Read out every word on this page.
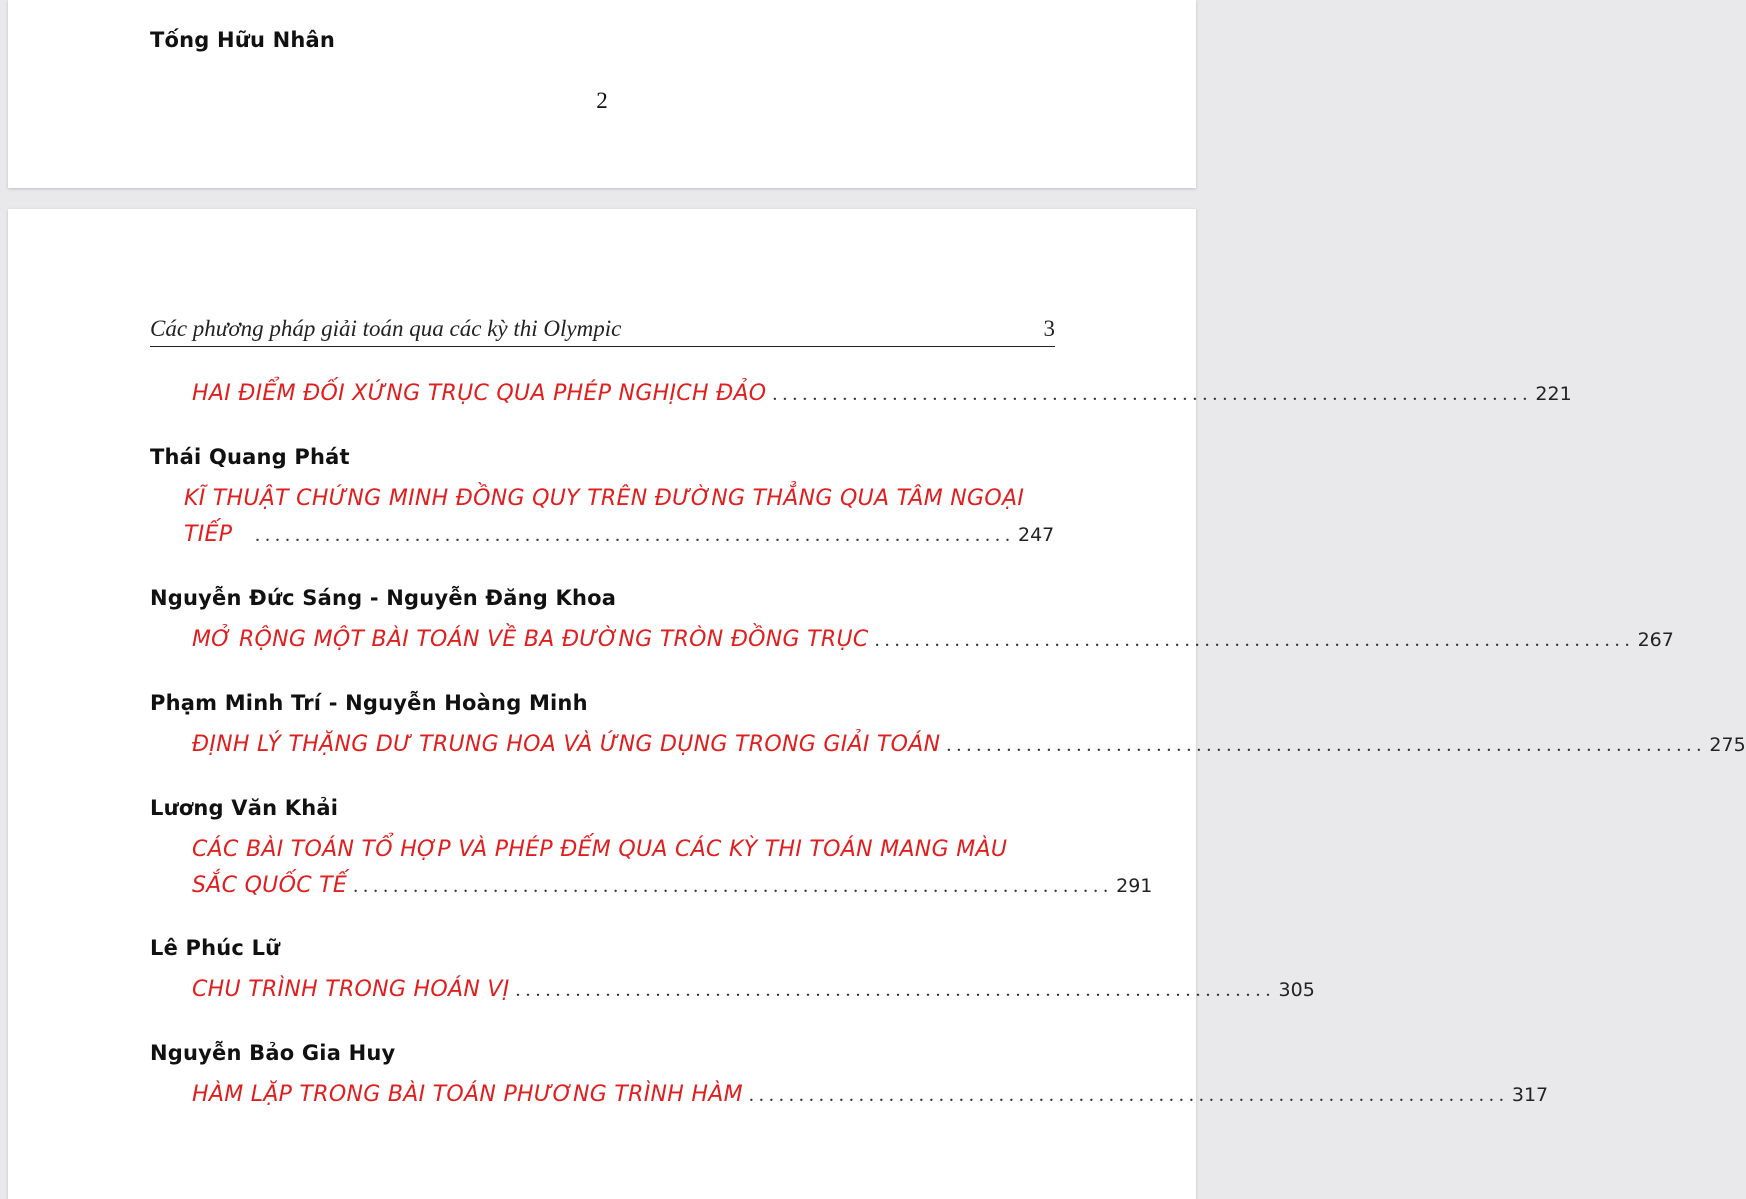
Tống Hữu Nhân
2
Các phương pháp giải toán qua các kỳ thi Olympic	3
HAI ĐIỂM ĐỐI XỨNG TRỤC QUA PHÉP NGHỊCH ĐẢO . . . . . . . . . . . . . . . . . . . . . . . . . . . . . . . . . . . . . . . . . . . . . . . . . . . . . . . . . . . . . . . . . . . . . . . . . . . . 221
Thái Quang Phát
KĨ THUẬT CHỨNG MINH ĐỒNG QUY TRÊN ĐƯỜNG THẲNG QUA TÂM NGOẠI
TIẾP	. . . . . . . . . . . . . . . . . . . . . . . . . . . . . . . . . . . . . . . . . . . . . . . . . . . . . . . . . . . . . . . . . . . . . . . . . . . . 247
Nguyễn Đức Sáng - Nguyễn Đăng Khoa
MỞ RỘNG MỘT BÀI TOÁN VỀ BA ĐƯỜNG TRÒN ĐỒNG TRỤC . . . . . . . . . . . . . . . . . . . . . . . . . . . . . . . . . . . . . . . . . . . . . . . . . . . . . . . . . . . . . . . . . . . . . . . . . . . . 267
Phạm Minh Trí - Nguyễn Hoàng Minh
ĐỊNH LÝ THẶNG DƯ TRUNG HOA VÀ ỨNG DỤNG TRONG GIẢI TOÁN . . . . . . . . . . . . . . . . . . . . . . . . . . . . . . . . . . . . . . . . . . . . . . . . . . . . . . . . . . . . . . . . . . . . . . . . . . . . 275
Lương Văn Khải
CÁC BÀI TOÁN TỔ HỢP VÀ PHÉP ĐẾM QUA CÁC KỲ THI TOÁN MANG MÀU
SẮC QUỐC TẾ . . . . . . . . . . . . . . . . . . . . . . . . . . . . . . . . . . . . . . . . . . . . . . . . . . . . . . . . . . . . . . . . . . . . . . . . . . . . 291
Lê Phúc Lữ
CHU TRÌNH TRONG HOÁN VỊ . . . . . . . . . . . . . . . . . . . . . . . . . . . . . . . . . . . . . . . . . . . . . . . . . . . . . . . . . . . . . . . . . . . . . . . . . . . . 305
Nguyễn Bảo Gia Huy
HÀM LẶP TRONG BÀI TOÁN PHƯƠNG TRÌNH HÀM . . . . . . . . . . . . . . . . . . . . . . . . . . . . . . . . . . . . . . . . . . . . . . . . . . . . . . . . . . . . . . . . . . . . . . . . . . . . 317
